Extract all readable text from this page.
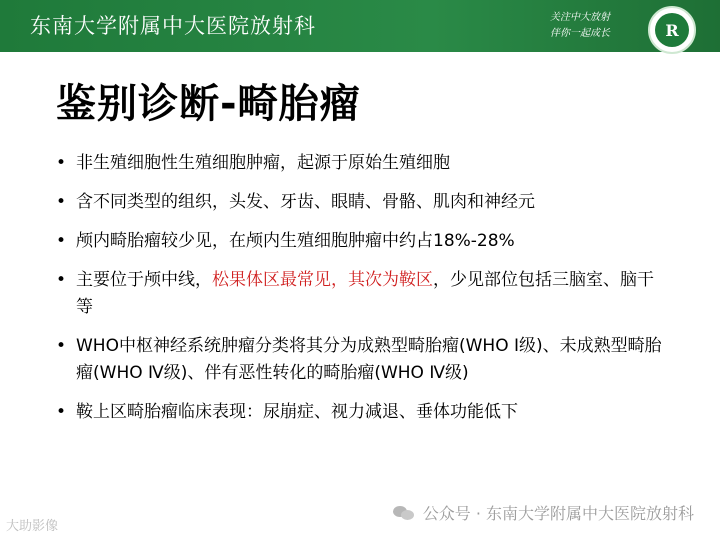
东南大学附属中大医院放射科	关注中大放射
伴你一起成长	R
鉴别诊断-畸胎瘤
• 非生殖细胞性生殖细胞肿瘤，起源于原始生殖细胞
• 含不同类型的组织，头发、牙齿、眼睛、骨骼、肌肉和神经元
• 颅内畸胎瘤较少见，在颅内生殖细胞肿瘤中约占18%-28%
• 主要位于颅中线，松果体区最常见，其次为鞍区，少见部位包括三脑室、脑干等
• WHO中枢神经系统肿瘤分类将其分为成熟型畸胎瘤(WHO Ⅰ级)、未成熟型畸胎瘤(WHO Ⅳ级)、伴有恶性转化的畸胎瘤(WHO Ⅳ级)
• 鞍上区畸胎瘤临床表现：尿崩症、视力减退、垂体功能低下
公众号 · 东南大学附属中大医院放射科
大助影像
